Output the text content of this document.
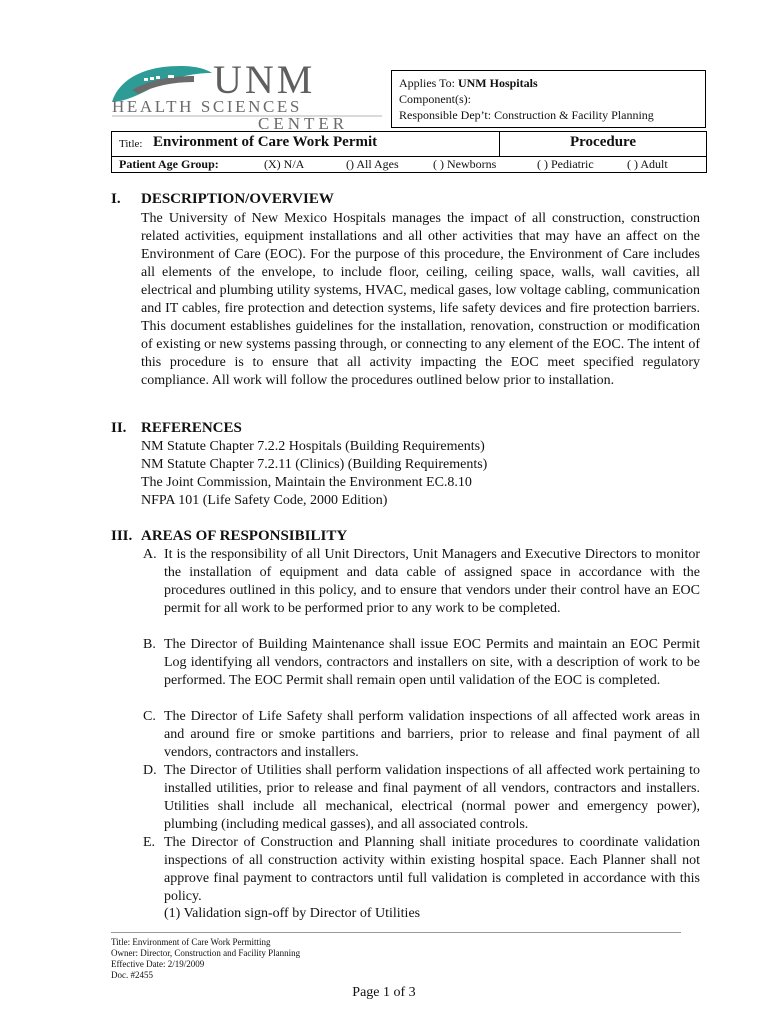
UNM
HEALTH SCIENCES
CENTER
Applies To: UNM Hospitals
Component(s):
Responsible Dep’t: Construction & Facility Planning
Title: Environment of Care Work Permit	Procedure
Patient Age Group:	(X) N/A	() All Ages	( ) Newborns	( ) Pediatric	( ) Adult
I. DESCRIPTION/OVERVIEW
The University of New Mexico Hospitals manages the impact of all construction, construction related activities, equipment installations and all other activities that may have an affect on the Environment of Care (EOC). For the purpose of this procedure, the Environment of Care includes all elements of the envelope, to include floor, ceiling, ceiling space, walls, wall cavities, all electrical and plumbing utility systems, HVAC, medical gases, low voltage cabling, communication and IT cables, fire protection and detection systems, life safety devices and fire protection barriers. This document establishes guidelines for the installation, renovation, construction or modification of existing or new systems passing through, or connecting to any element of the EOC. The intent of this procedure is to ensure that all activity impacting the EOC meet specified regulatory compliance. All work will follow the procedures outlined below prior to installation.
II. REFERENCES
NM Statute Chapter 7.2.2 Hospitals (Building Requirements)
NM Statute Chapter 7.2.11 (Clinics) (Building Requirements)
The Joint Commission, Maintain the Environment EC.8.10
NFPA 101 (Life Safety Code, 2000 Edition)
III. AREAS OF RESPONSIBILITY
A. It is the responsibility of all Unit Directors, Unit Managers and Executive Directors to monitor the installation of equipment and data cable of assigned space in accordance with the procedures outlined in this policy, and to ensure that vendors under their control have an EOC permit for all work to be performed prior to any work to be completed.
B. The Director of Building Maintenance shall issue EOC Permits and maintain an EOC Permit Log identifying all vendors, contractors and installers on site, with a description of work to be performed. The EOC Permit shall remain open until validation of the EOC is completed.
C. The Director of Life Safety shall perform validation inspections of all affected work areas in and around fire or smoke partitions and barriers, prior to release and final payment of all vendors, contractors and installers.
D. The Director of Utilities shall perform validation inspections of all affected work pertaining to installed utilities, prior to release and final payment of all vendors, contractors and installers. Utilities shall include all mechanical, electrical (normal power and emergency power), plumbing (including medical gasses), and all associated controls.
E. The Director of Construction and Planning shall initiate procedures to coordinate validation inspections of all construction activity within existing hospital space. Each Planner shall not approve final payment to contractors until full validation is completed in accordance with this policy.
(1) Validation sign-off by Director of Utilities
Title: Environment of Care Work Permitting
Owner: Director, Construction and Facility Planning
Effective Date: 2/19/2009
Doc. #2455
Page 1 of 3
